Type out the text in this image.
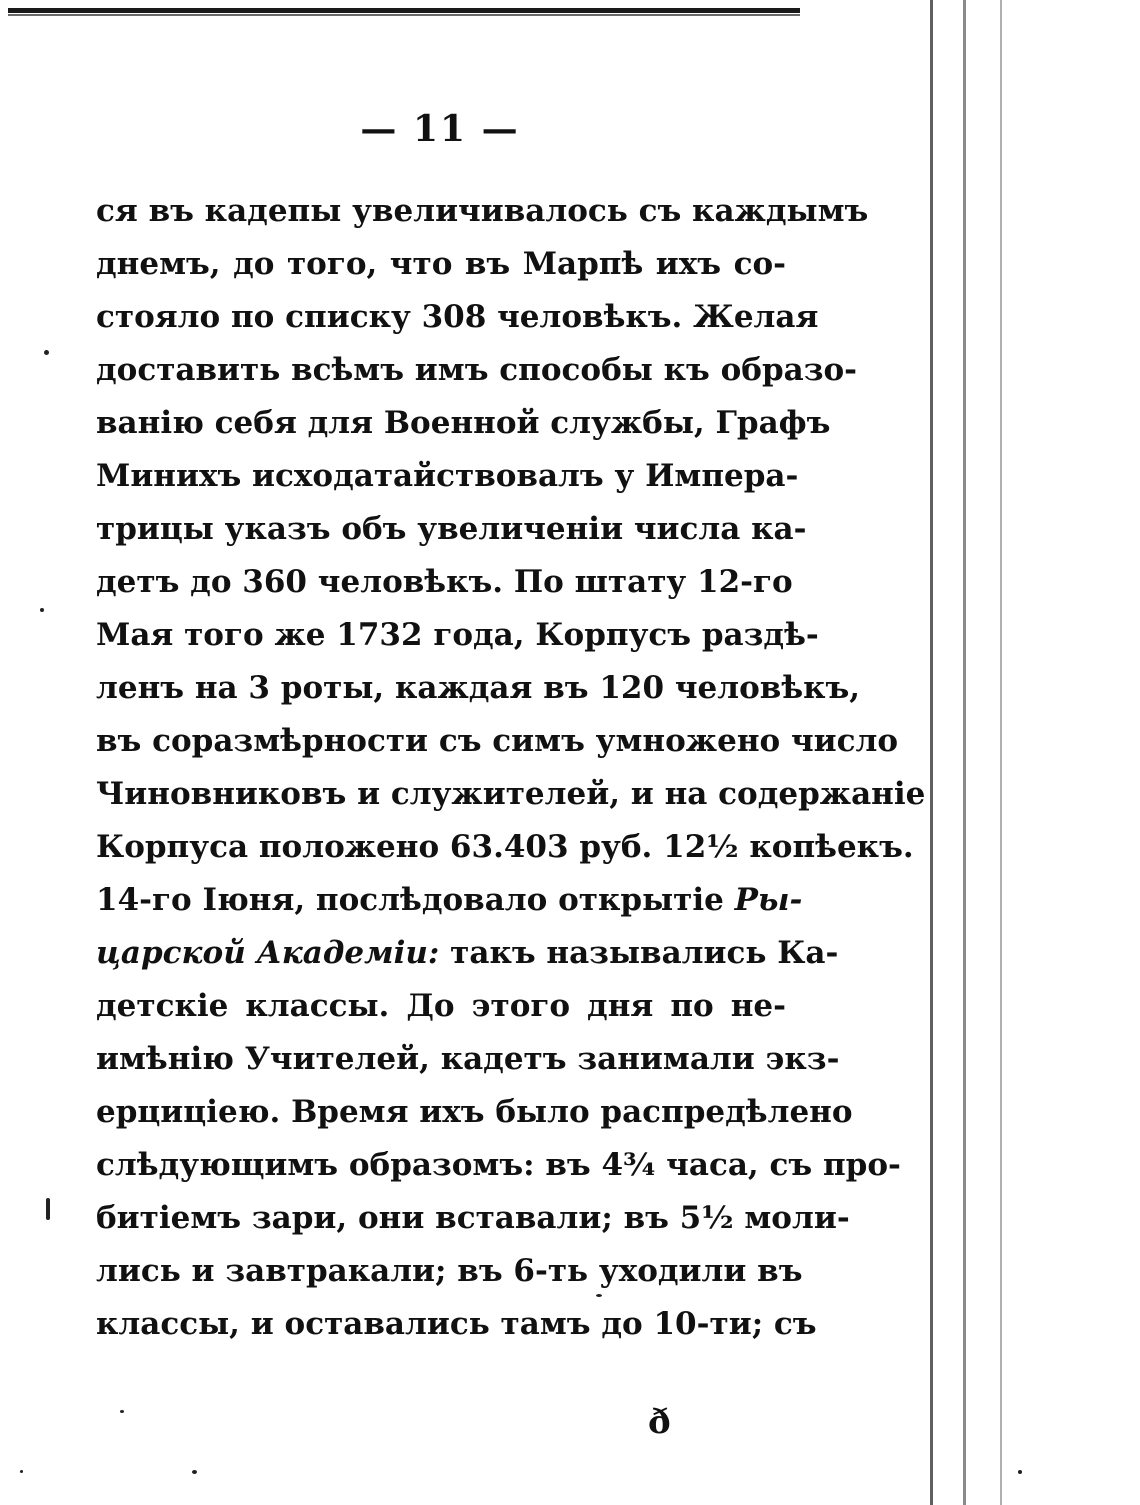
— 11 —
ся въ кадепы увеличивалось съ каждымъ
днемъ, до того, что въ Марпѣ ихъ со-
стояло по списку 308 человѣкъ. Желая
доставить всѣмъ имъ способы къ образо-
ванію себя для Военной службы, Графъ
Минихъ исходатайствовалъ у Импера-
трицы указъ объ увеличеніи числа ка-
детъ до 360 человѣкъ. По штату 12-го
Мая того же 1732 года, Корпусъ раздѣ-
ленъ на 3 роты, каждая въ 120 человѣкъ,
въ соразмѣрности съ симъ умножено число
Чиновниковъ и служителей, и на содержаніе
Корпуса положено 63.403 руб. 12½ копѣекъ.
14-го Іюня, послѣдовало открытіе Ры-
царской Академіи: такъ назывались Ка-
детскіе классы. До этого дня по не-
имѣнію Учителей, кадетъ занимали экз-
ерциціею. Время ихъ было распредѣлено
слѣдующимъ образомъ: въ 4¾ часа, съ про-
битіемъ зари, они вставали; въ 5½ моли-
лись и завтракали; въ 6-ть уходили въ
классы, и оставались тамъ до 10-ти; съ
ð
